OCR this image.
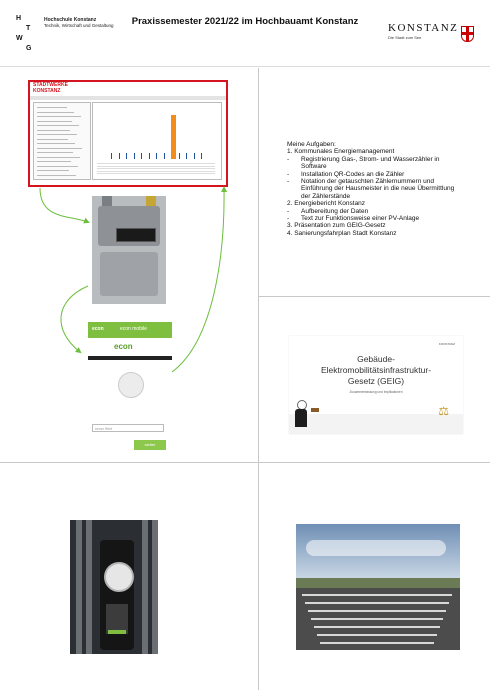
H
T
W
G
Hochschule Konstanz
Technik, Wirtschaft und Gestaltung	Praxissemester 2021/22 im Hochbauamt Konstanz
KONSTANZ
Die Stadt zum See
STADTWERKE
KONSTANZ
econ	econ mobile
econ
neuer Wert
weiter
Meine Aufgaben:
1. Kommunales Energiemanagement
- Registrierung Gas-, Strom- und Wasserzähler in Software
- Installation QR-Codes an die Zähler
- Notation der getauschten Zählernummern und Einführung der Hausmeister in die neue Übermittlung der Zählerstände
2. Energiebericht Konstanz
- Aufbereitung der Daten
- Text zur Funktionsweise einer PV-Anlage
3. Präsentation zum GEIG-Gesetz
4. Sanierungsfahrplan Stadt Konstanz
KONSTANZ
Gebäude-
Elektromobilitätsinfrastruktur-
Gesetz (GEIG)
Zusammenfassung und Implikationen
⚖
